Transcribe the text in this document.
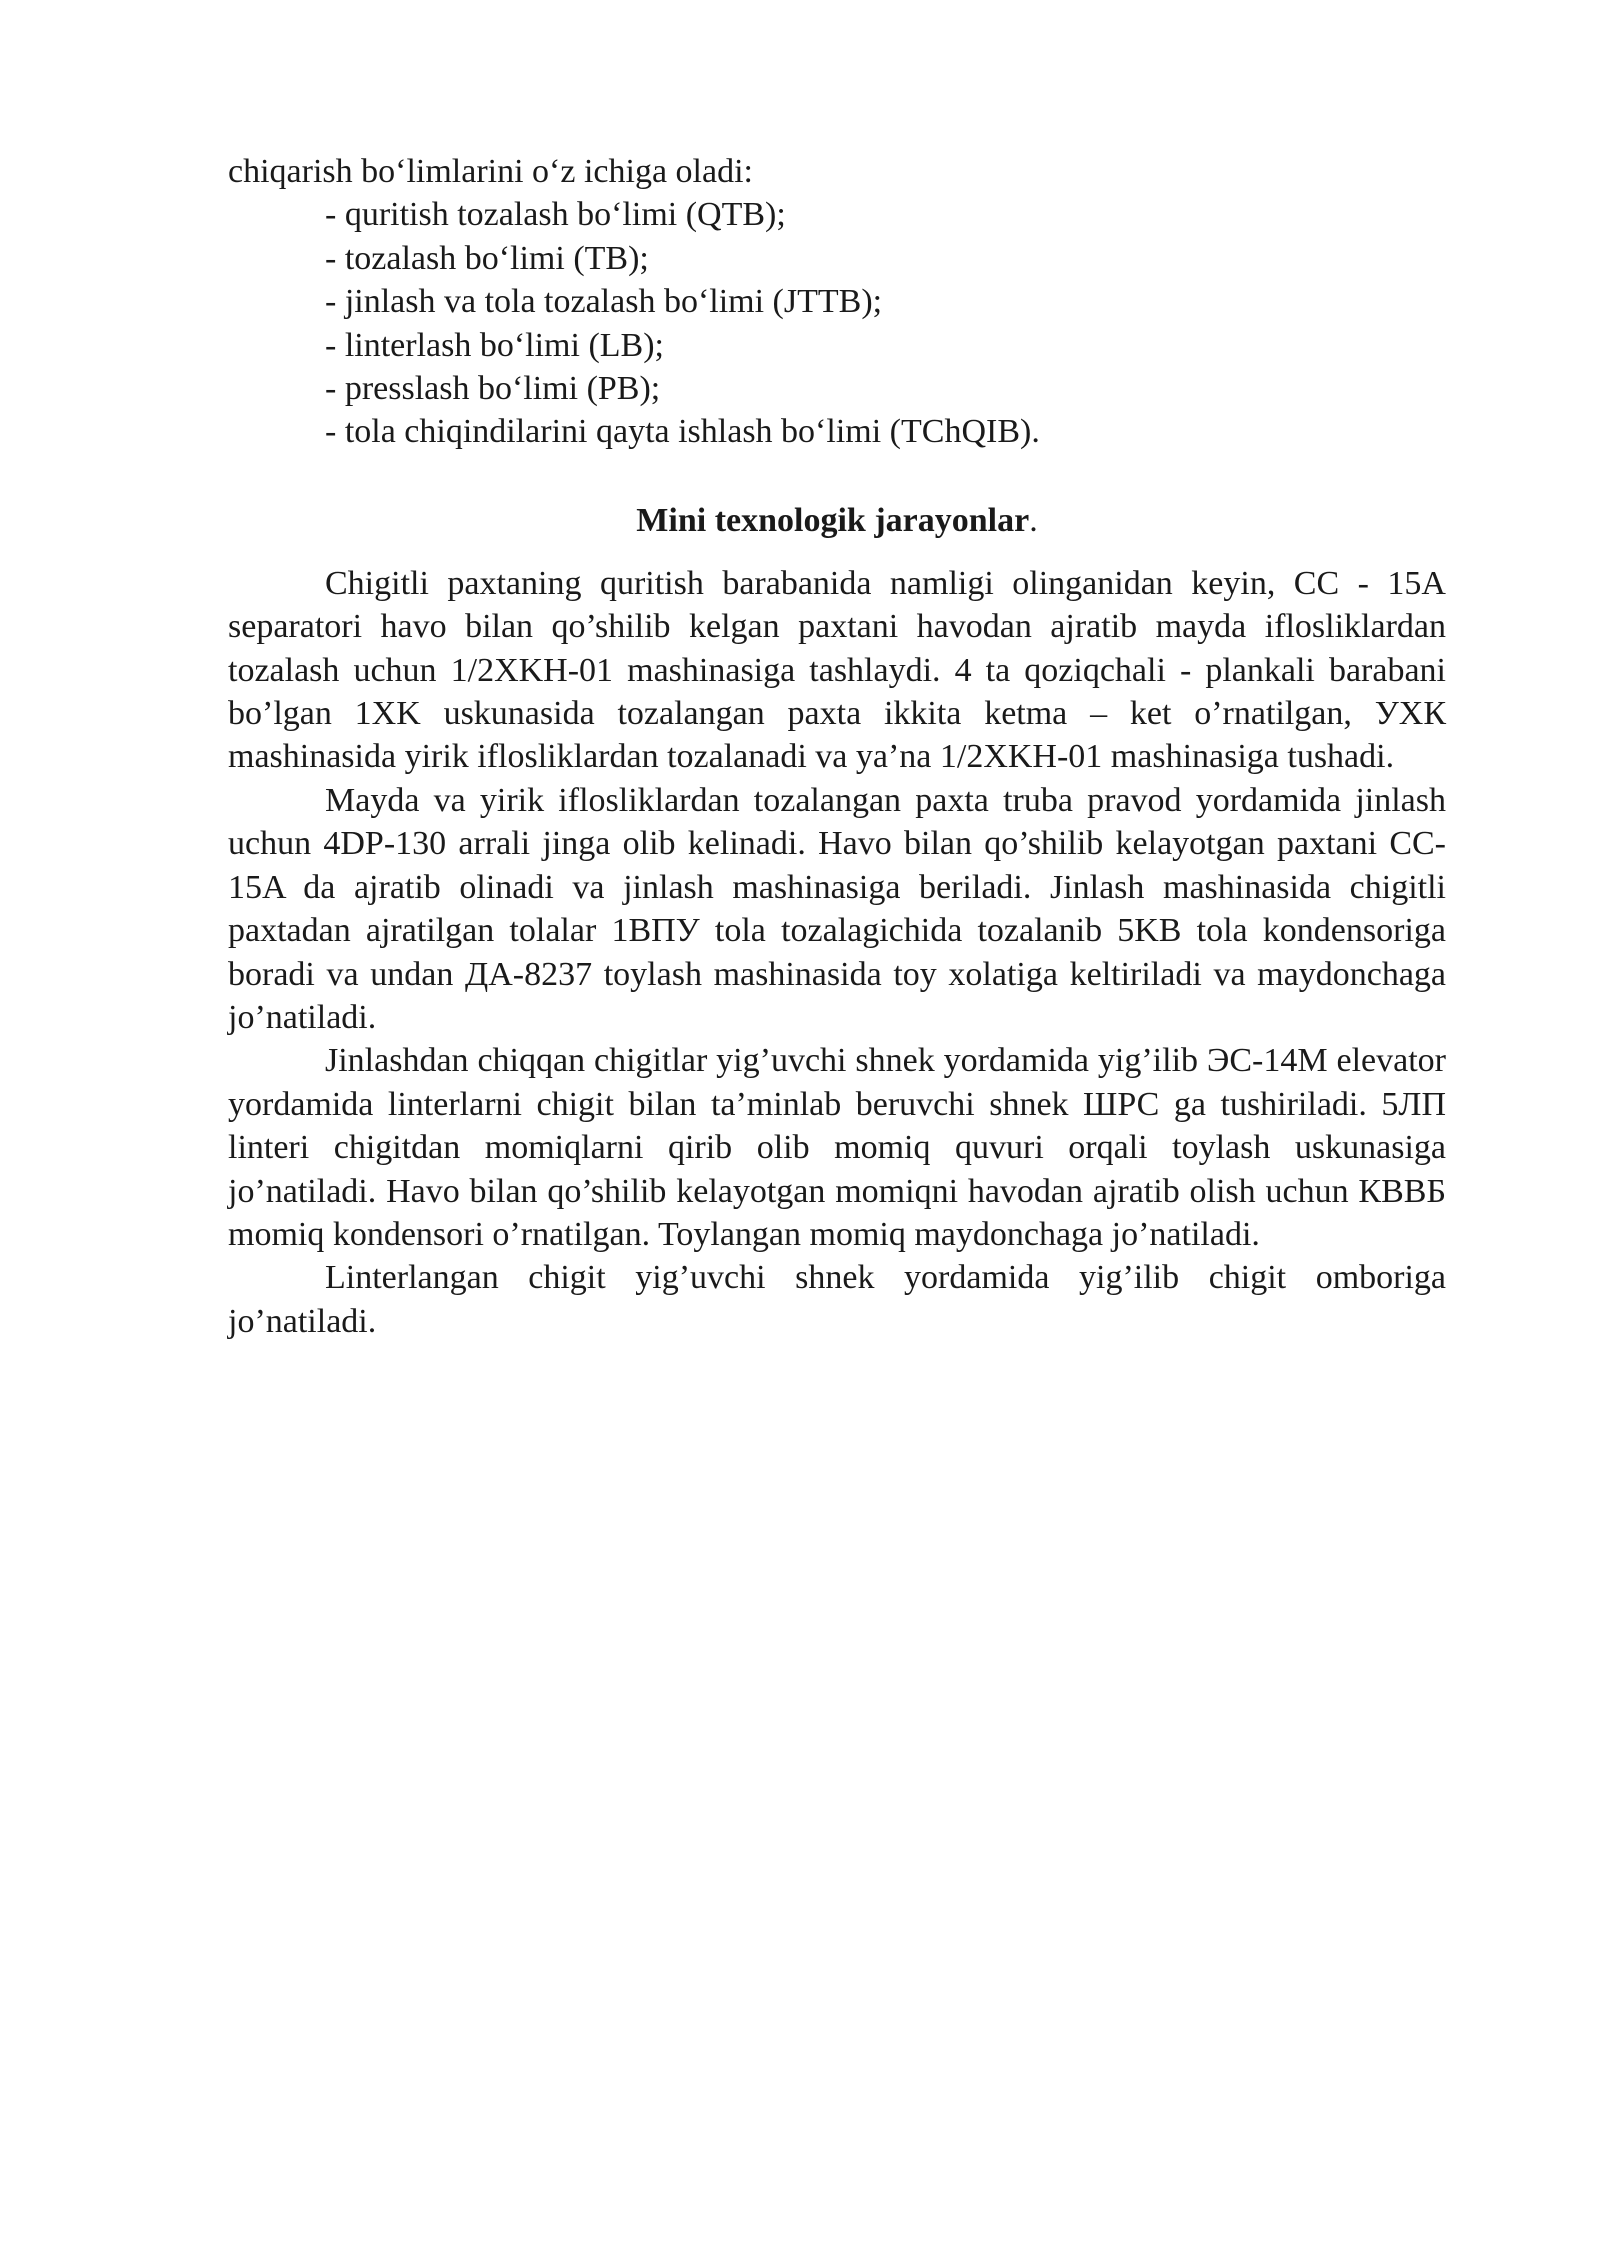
chiqarish bo‘limlarini o‘z ichiga oladi:

- quritish tozalash bo‘limi (QTB);
- tozalash bo‘limi (TB);
- jinlash va tola tozalash bo‘limi (JTTB);
- linterlash bo‘limi (LB);
- presslash bo‘limi (PB);
- tola chiqindilarini qayta ishlash bo‘limi (TChQIB).
Mini texnologik jarayonlar.

Chigitli paxtaning quritish barabanida namligi olinganidan keyin, CC - 15A separatori havo bilan qo’shilib kelgan paxtani havodan ajratib mayda ifloslikl​ardan tozalash uchun 1/2XKH-01 mashinasiga tashlaydi. 4 ta qoziqchali - plankali barabani bo’lgan 1XK uskunasida tozalangan paxta ikkita ketma – ket o’rnatilgan, УХК mashinasida yirik ifloslikl​ardan tozalanadi va ya’na 1/2XKH-01 mashinasiga tushadi.

Mayda va yirik ifloslikl​ardan tozalangan paxta truba pravod yordamida jinlash uchun 4DP-130 arrali jinga olib kelinadi. Havo bilan qo’shilib kelayotgan paxtani CC-15A da ajratib olinadi va jinlash mashinasiga beriladi. Jinlash mashinasida chigitli paxtadan ajratilgan tolalar 1ВПУ tola tozalagichida tozalanib 5KB tola kondensoriga boradi va undan ДА-8237 toylash mashinasida toy xolatiga keltiriladi va maydonchaga jo’natiladi.

Jinlashdan chiqqan chigitlar yig’uvchi shnek yordamida yig’ilib ЭС-14М elevator yordamida linterlarni chigit bilan ta’minlab beruvchi shnek ШРС ga tushiriladi. 5ЛП linteri chigitdan momiqlarni qirib olib momiq quvuri orqali toylash uskunasiga jo’natiladi. Havo bilan qo’shilib kelayotgan momiqni havodan ajratib olish uchun КВВБ momiq kondensori o’rnatilgan. Toylangan momiq maydonchaga jo’natiladi.

Linterlangan chigit yig’uvchi shnek yordamida yig’ilib chigit omboriga jo’natiladi.
